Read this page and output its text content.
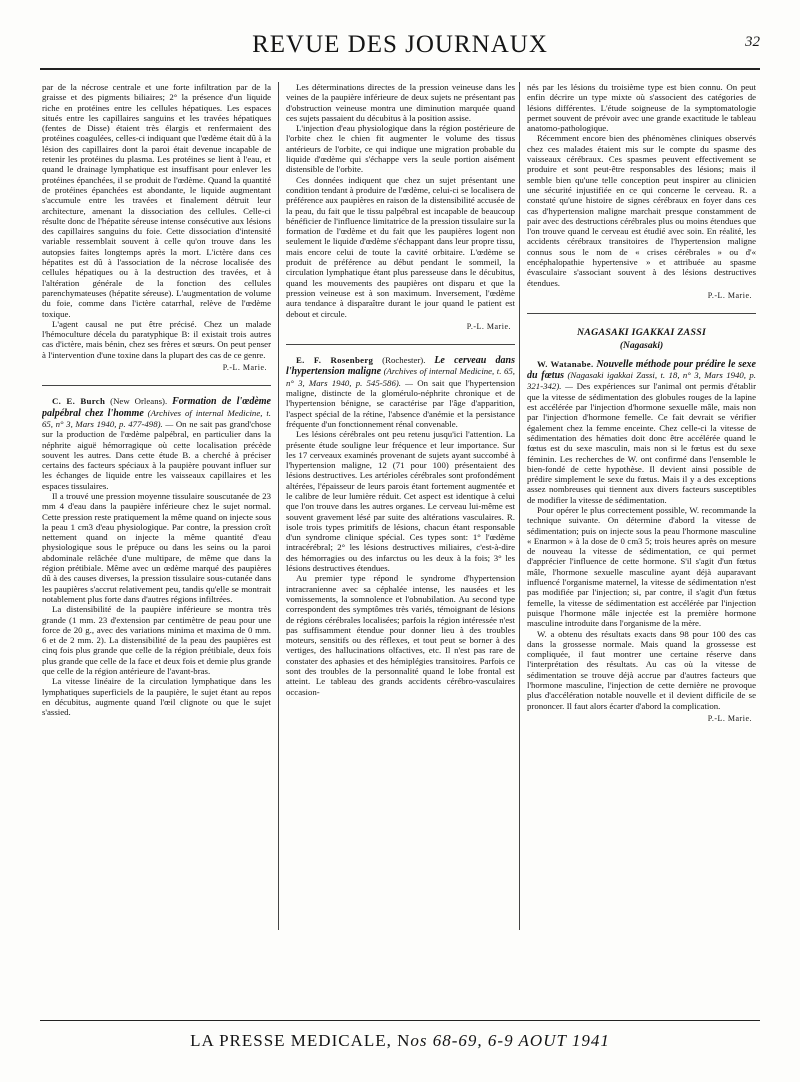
REVUE DES JOURNAUX	32

par de la nécrose centrale et une forte infiltration par de la graisse et des pigments biliaires; 2° la présence d'un liquide riche en protéines entre les cellules hépatiques. Les espaces situés entre les capillaires sanguins et les travées hépatiques (fentes de Disse) étaient très élargis et renfermaient des protéines coagulées, celles-ci indiquant que l'œdème était dû à la lésion des capillaires dont la paroi était devenue incapable de retenir les protéines du plasma. Les protéines se lient à l'eau, et quand le drainage lymphatique est insuffisant pour enlever les protéines épanchées, il se produit de l'œdème. Quand la quantité de protéines épanchées est abondante, le liquide augmentant s'accumule entre les travées et finalement détruit leur architecture, amenant la dissociation des cellules. Celle-ci résulte donc de l'hépatite séreuse intense consécutive aux lésions des capillaires sanguins du foie. Cette dissociation d'intensité variable ressemblait souvent à celle qu'on trouve dans les autopsies faites longtemps après la mort. L'ictère dans ces hépatites est dû à l'association de la nécrose localisée des cellules hépatiques ou à la destruction des travées, et à l'altération générale de la fonction des cellules parenchymateuses (hépatite séreuse). L'augmentation de volume du foie, comme dans l'ictère catarrhal, relève de l'œdème toxique.

L'agent causal ne put être précisé. Chez un malade l'hémoculture décela du paratyphique B: il existait trois autres cas d'ictère, mais bénin, chez ses frères et sœurs. On peut penser à l'intervention d'une toxine dans la plupart des cas de ce genre.

P.-L. Marie.

C. E. Burch (New Orleans). Formation de l'œdème palpébral chez l'homme (Archives of internal Medicine, t. 65, n° 3, Mars 1940, p. 477-498). — On ne sait pas grand'chose sur la production de l'œdème palpébral, en particulier dans la néphrite aiguë hémorragique où cette localisation précède souvent les autres. Dans cette étude B. a cherché à préciser certains des facteurs spéciaux à la paupière pouvant influer sur les échanges de liquide entre les vaisseaux capillaires et les espaces tissulaires.

Il a trouvé une pression moyenne tissulaire souscutanée de 23 mm 4 d'eau dans la paupière inférieure chez le sujet normal. Cette pression reste pratiquement la même quand on injecte sous la peau 1 cm3 d'eau physiologique. Par contre, la pression croît nettement quand on injecte la même quantité d'eau physiologique sous le prépuce ou dans les seins ou la paroi abdominale relâchée d'une multipare, de même que dans la région prétibiale. Même avec un œdème marqué des paupières dû à des causes diverses, la pression tissulaire sous-cutanée dans les paupières s'accrut relativement peu, tandis qu'elle se montrait notablement plus forte dans d'autres régions infiltrées.

La distensibilité de la paupière inférieure se montra très grande (1 mm. 23 d'extension par centimètre de peau pour une force de 20 g., avec des variations minima et maxima de 0 mm. 6 et de 2 mm. 2). La distensibilité de la peau des paupières est cinq fois plus grande que celle de la région prétibiale, deux fois plus grande que celle de la face et deux fois et demie plus grande que celle de la région antérieure de l'avant-bras.

La vitesse linéaire de la circulation lymphatique dans les lymphatiques superficiels de la paupière, le sujet étant au repos en décubitus, augmente quand l'œil clignote ou que le sujet s'assied.

Les déterminations directes de la pression veineuse dans les veines de la paupière inférieure de deux sujets ne présentant pas d'obstruction veineuse montra une diminution marquée quand ces sujets passaient du décubitus à la position assise.

L'injection d'eau physiologique dans la région postérieure de l'orbite chez le chien fit augmenter le volume des tissus antérieurs de l'orbite, ce qui indique une migration probable du liquide d'œdème qui s'échappe vers la seule portion aisément distensible de l'orbite.

Ces données indiquent que chez un sujet présentant une condition tendant à produire de l'œdème, celui-ci se localisera de préférence aux paupières en raison de la distensibilité accusée de la peau, du fait que le tissu palpébral est incapable de beaucoup bénéficier de l'influence limitatrice de la pression tissulaire sur la formation de l'œdème et du fait que les paupières logent non seulement le liquide d'œdème s'échappant dans leur propre tissu, mais encore celui de toute la cavité orbitaire. L'œdème se produit de préférence au début pendant le sommeil, la circulation lymphatique étant plus paresseuse dans le décubitus, quand les mouvements des paupières ont disparu et que la pression veineuse est à son maximum. Inversement, l'œdème aura tendance à disparaître durant le jour quand le patient est debout et circule.

P.-L. Marie.

E. F. Rosenberg (Rochester). Le cerveau dans l'hypertension maligne (Archives of internal Medicine, t. 65, n° 3, Mars 1940, p. 545-586). — On sait que l'hypertension maligne, distincte de la glomérulo-néphrite chronique et de l'hypertension bénigne, se caractérise par l'âge d'apparition, l'aspect spécial de la rétine, l'absence d'anémie et la persistance fréquente d'un fonctionnement rénal convenable.

Les lésions cérébrales ont peu retenu jusqu'ici l'attention. La présente étude souligne leur fréquence et leur importance. Sur les 17 cerveaux examinés provenant de sujets ayant succombé à l'hypertension maligne, 12 (71 pour 100) présentaient des lésions destructives. Les artérioles cérébrales sont profondément altérées, l'épaisseur de leurs parois étant fortement augmentée et le calibre de leur lumière réduit. Cet aspect est identique à celui que l'on trouve dans les autres organes. Le cerveau lui-même est souvent gravement lésé par suite des altérations vasculaires. R. isole trois types primitifs de lésions, chacun étant responsable d'un syndrome clinique spécial. Ces types sont: 1° l'œdème intracérébral; 2° les lésions destructives miliaires, c'est-à-dire des hémorragies ou des infarctus ou les deux à la fois; 3° les lésions destructives étendues.

Au premier type répond le syndrome d'hypertension intracranienne avec sa céphalée intense, les nausées et les vomissements, la somnolence et l'obnubilation. Au second type correspondent des symptômes très variés, témoignant de lésions de régions cérébrales localisées; parfois la région intéressée n'est pas suffisamment étendue pour donner lieu à des troubles moteurs, sensitifs ou des réflexes, et tout peut se borner à des vertiges, des hallucinations olfactives, etc. Il n'est pas rare de constater des aphasies et des hémiplégies transitoires. Parfois ce sont des troubles de la personnalité quand le lobe frontal est atteint. Le tableau des grands accidents cérébro-vasculaires occasion-

nés par les lésions du troisième type est bien connu. On peut enfin décrire un type mixte où s'associent des catégories de lésions différentes. L'étude soigneuse de la symptomatologie permet souvent de prévoir avec une grande exactitude le tableau anatomo-pathologique.

Récemment encore bien des phénomènes cliniques observés chez ces malades étaient mis sur le compte du spasme des vaisseaux cérébraux. Ces spasmes peuvent effectivement se produire et sont peut-être responsables des lésions; mais il semble bien qu'une telle conception peut inspirer au clinicien une sécurité injustifiée en ce qui concerne le cerveau. R. a constaté qu'une histoire de signes cérébraux en foyer dans ces cas d'hypertension maligne marchait presque constamment de pair avec des destructions cérébrales plus ou moins étendues que l'on trouve quand le cerveau est étudié avec soin. En réalité, les accidents cérébraux transitoires de l'hypertension maligne connus sous le nom de « crises cérébrales » ou d'« encéphalopathie hypertensive » et attribuée au spasme évasculaire s'associant souvent à des lésions destructives étendues.

P.-L. Marie.
NAGASAKI IGAKKAI ZASSI
(Nagasaki)

W. Watanabe. Nouvelle méthode pour prédire le sexe du fœtus (Nagasaki igakkai Zassi, t. 18, n° 3, Mars 1940, p. 321-342). — Des expériences sur l'animal ont permis d'établir que la vitesse de sédimentation des globules rouges de la lapine est accélérée par l'injection d'hormone sexuelle mâle, mais non par l'injection d'hormone femelle. Ce fait devrait se vérifier également chez la femme enceinte. Chez celle-ci la vitesse de sédimentation des hématies doit donc être accélérée quand le fœtus est du sexe masculin, mais non si le fœtus est du sexe féminin. Les recherches de W. ont confirmé dans l'ensemble le bien-fondé de cette hypothèse. Il devient ainsi possible de prédire simplement le sexe du fœtus. Mais il y a des exceptions assez nombreuses qui tiennent aux divers facteurs susceptibles de modifier la vitesse de sédimentation.

Pour opérer le plus correctement possible, W. recommande la technique suivante. On détermine d'abord la vitesse de sédimentation; puis on injecte sous la peau l'hormone masculine « Enarmon » à la dose de 0 cm3 5; trois heures après on mesure de nouveau la vitesse de sédimentation, ce qui permet d'apprécier l'influence de cette hormone. S'il s'agit d'un fœtus mâle, l'hormone sexuelle masculine ayant déjà auparavant influencé l'organisme maternel, la vitesse de sédimentation n'est pas modifiée par l'injection; si, par contre, il s'agit d'un fœtus femelle, la vitesse de sédimentation est accélérée par l'injection puisque l'hormone mâle injectée est la première hormone masculine introduite dans l'organisme de la mère.

W. a obtenu des résultats exacts dans 98 pour 100 des cas dans la grossesse normale. Mais quand la grossesse est compliquée, il faut montrer une certaine réserve dans l'interprétation des résultats. Au cas où la vitesse de sédimentation se trouve déjà accrue par d'autres facteurs que l'hormone masculine, l'injection de cette dernière ne provoque plus d'accélération notable nouvelle et il devient difficile de se prononcer. Il faut alors écarter d'abord la complication.

P.-L. Marie.
LA PRESSE MEDICALE, Nos 68-69, 6-9 AOUT 1941
